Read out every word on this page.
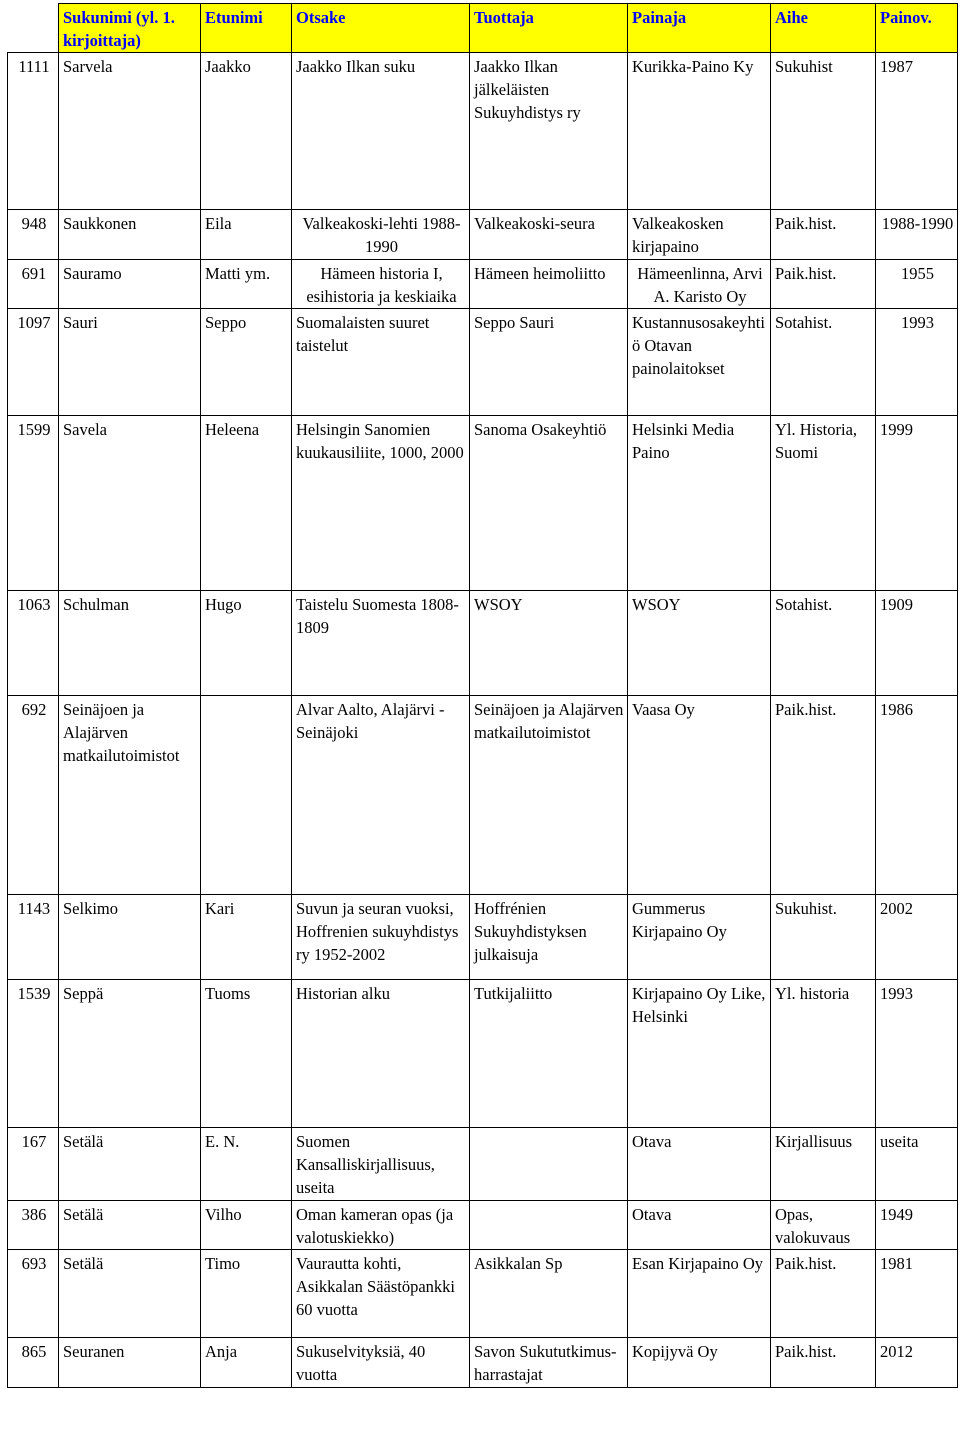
	Sukunimi (yl. 1. kirjoittaja)	Etunimi	Otsake	Tuottaja	Painaja	Aihe	Painov.
1111	Sarvela	Jaakko	Jaakko Ilkan suku	Jaakko Ilkan jälkeläisten Sukuyhdistys ry	Kurikka-Paino Ky	Sukuhist	1987
948	Saukkonen	Eila	Valkeakoski-lehti 1988-1990	Valkeakoski-seura	Valkeakosken kirjapaino	Paik.hist.	1988-1990
691	Sauramo	Matti ym.	Hämeen historia I, esihistoria ja keskiaika	Hämeen heimoliitto	Hämeenlinna, Arvi A. Karisto Oy	Paik.hist.	1955
1097	Sauri	Seppo	Suomalaisten suuret taistelut	Seppo Sauri	Kustannusosakeyhtiö Otavan painolaitokset	Sotahist.	1993
1599	Savela	Heleena	Helsingin Sanomien kuukausiliite, 1000, 2000	Sanoma Osakeyhtiö	Helsinki Media Paino	Yl. Historia, Suomi	1999
1063	Schulman	Hugo	Taistelu Suomesta 1808-1809	WSOY	WSOY	Sotahist.	1909
692	Seinäjoen ja Alajärven matkailutoimistot		Alvar Aalto, Alajärvi - Seinäjoki	Seinäjoen ja Alajärven matkailutoimistot	Vaasa Oy	Paik.hist.	1986
1143	Selkimo	Kari	Suvun ja seuran vuoksi, Hoffrenien sukuyhdistys ry 1952-2002	Hoffrénien Sukuyhdistyksen julkaisuja	Gummerus Kirjapaino Oy	Sukuhist.	2002
1539	Seppä	Tuoms	Historian alku	Tutkijaliitto	Kirjapaino Oy Like, Helsinki	Yl. historia	1993
167	Setälä	E. N.	Suomen Kansalliskirjallisuus, useita		Otava	Kirjallisuus	useita
386	Setälä	Vilho	Oman kameran opas (ja valotuskiekko)		Otava	Opas, valokuvaus	1949
693	Setälä	Timo	Vaurautta kohti, Asikkalan Säästöpankki 60 vuotta	Asikkalan Sp	Esan Kirjapaino Oy	Paik.hist.	1981
865	Seuranen	Anja	Sukuselvityksiä, 40 vuotta	Savon Sukututkimus-harrastajat	Kopijyvä Oy	Paik.hist.	2012
